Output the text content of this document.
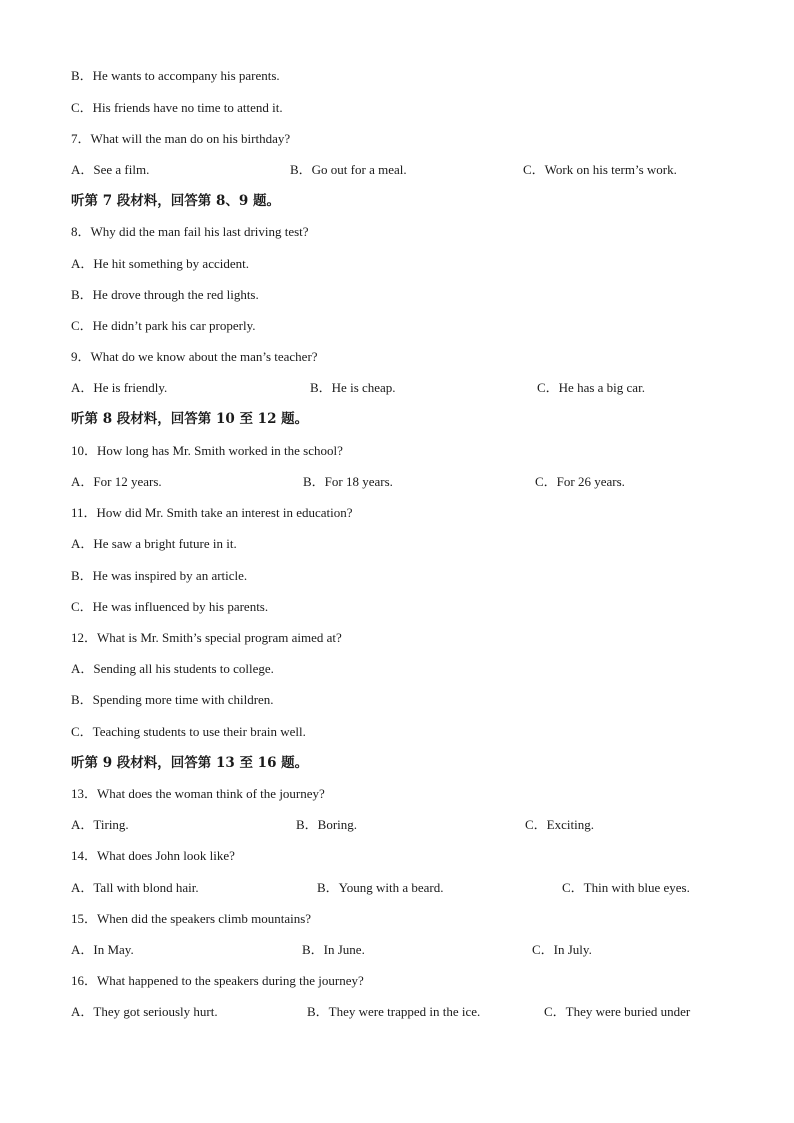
B．He wants to accompany his parents.
C．His friends have no time to attend it.
7．What will the man do on his birthday?
A．See a film.	B．Go out for a meal.	C．Work on his term’s work.
听第 7 段材料，回答第 8、9 题。
8．Why did the man fail his last driving test?
A．He hit something by accident.
B．He drove through the red lights.
C．He didn’t park his car properly.
9．What do we know about the man’s teacher?
A．He is friendly.	B．He is cheap.	C．He has a big car.
听第 8 段材料，回答第 10 至 12 题。
10．How long has Mr. Smith worked in the school?
A．For 12 years.	B．For 18 years.	C．For 26 years.
11．How did Mr. Smith take an interest in education?
A．He saw a bright future in it.
B．He was inspired by an article.
C．He was influenced by his parents.
12．What is Mr. Smith’s special program aimed at?
A．Sending all his students to college.
B．Spending more time with children.
C．Teaching students to use their brain well.
听第 9 段材料，回答第 13 至 16 题。
13．What does the woman think of the journey?
A．Tiring.	B．Boring.	C．Exciting.
14．What does John look like?
A．Tall with blond hair.	B．Young with a beard.	C．Thin with blue eyes.
15．When did the speakers climb mountains?
A．In May.	B．In June.	C．In July.
16．What happened to the speakers during the journey?
A．They got seriously hurt.	B．They were trapped in the ice.	C．They were buried under
